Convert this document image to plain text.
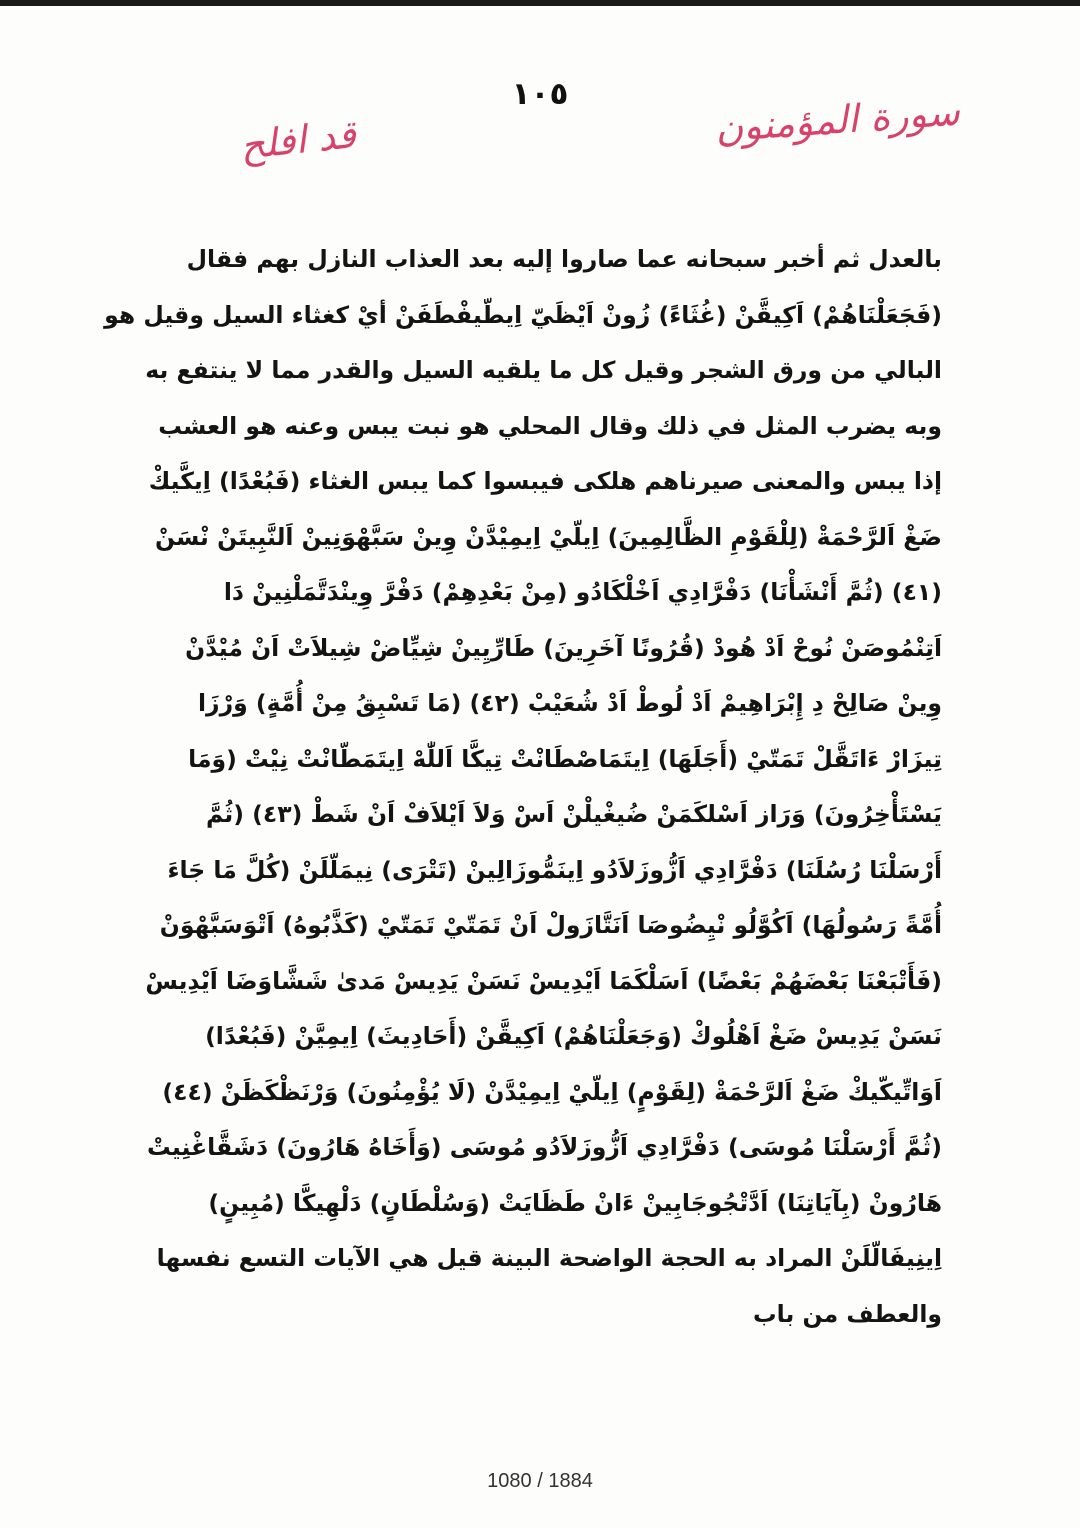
١٠٥	سورة المؤمنون
قد افلح
بالعدل ثم أخبر سبحانه عما صاروا إليه بعد العذاب النازل بهم فقال
(فَجَعَلْنَاهُمْ) اَكِيقَّنْ (غُثَاءً) زُونْ اَيْظَيّ اِيطّيفْطَفَنْ أيْ كغثاء السيل وقيل هو
البالي من ورق الشجر وقيل كل ما يلقيه السيل والقدر مما لا ينتفع به
وبه يضرب المثل في ذلك وقال المحلي هو نبت يبس وعنه هو العشب
إذا يبس والمعنى صيرناهم هلكى فيبسوا كما يبس الغثاء (فَبُعْدًا) اِيكَّيكْ
ضَغْ اَلرَّحْمَةْ (لِلْقَوْمِ الظَّالِمِينَ) اِيلّيْ اِيمِيْدَّنْ وِينْ سَبَّهْوَنِينْ اَلنَّبِيتَنْ نْسَنْ
(٤١) (ثُمَّ أَنْشَأْنَا) دَفْرَّادِي اَخْلْكَادُو (مِنْ بَعْدِهِمْ) دَفْرَّ وِينْدَتَّمَلْنِينْ دَا
اَتِنْمُوصَنْ نُوحْ اَدْ هُودْ (قُرُونًا آخَرِينَ) طَارِّيِينْ شِيِّاضْ شِيلاَتْ اَنْ مُيْدَّنْ
وِينْ صَالِحْ دِ إِبْرَاهِيمْ اَدْ لُوطْ اَدْ شُعَيْبْ (٤٢) (مَا تَسْبِقُ مِنْ أُمَّةٍ) وَرْزَا
تِيزَارْ ءَاتَقَّلْ تَمَتّيْ (أَجَلَهَا) اِيتَمَاصْطَانْتْ تِيكَّا اَللّٰهْ اِيتَمَطّانْتْ نِيْتْ (وَمَا
يَسْتَأْخِرُونَ) وَرَاز اَسْلكَمَنْ ضُيغْيلْنْ اَسْ وَلاَ اَيْلاَفْ اَنْ شَطْ (٤٣) (ثُمَّ
أَرْسَلْنَا رُسُلَنَا) دَفْرَّادِي اَزُّوزَلاَدُو اِينَمُّوزَالِينْ (تَتْرَى) نِيمَلّلَنْ (كُلَّ مَا جَاءَ
أُمَّةً رَسُولُهَا) اَكُوَّلُو نْيِضُوصَا اَنَتَّازَولْ اَنْ تَمَتّيْ تَمَتّيْ (كَذَّبُوهُ) اَتْوَسَبَّهْوَنْ
(فَأَتْبَعْنَا بَعْضَهُمْ بَعْضًا) اَسَلْكَمَا اَيْدِيسْ نَسَنْ يَدِيسْ مَدىٰ شَشَّاوَضَا اَيْدِيسْ
نَسَنْ يَدِيسْ ضَغْ اَهْلُوكْ (وَجَعَلْنَاهُمْ) اَكِيقَّنْ (أَحَادِيثَ) اِيمِيَّنْ (فَبُعْدًا)
اَوَاتِّيكّيكْ ضَغْ اَلرَّحْمَةْ (لِقَوْمٍ) اِيلّيْ اِيمِيْدَّنْ (لَا يُؤْمِنُونَ) وَرْنَظْكَظَنْ (٤٤)
(ثُمَّ أَرْسَلْنَا مُوسَى) دَفْرَّادِي اَزُّوزَلاَدُو مُوسَى (وَأَخَاهُ هَارُونَ) دَشَقَّاغْنِيتْ
هَارُونْ (بِآيَاتِنَا) اَدَّتْجُوجَابِينْ ءَانْ طَظَايَتْ (وَسُلْطَانٍ) دَلْهِيكَّا (مُبِينٍ)
اِينِيفَالّلَنْ المراد به الحجة الواضحة البينة قيل هي الآيات التسع نفسها
والعطف من باب
1080 / 1884
